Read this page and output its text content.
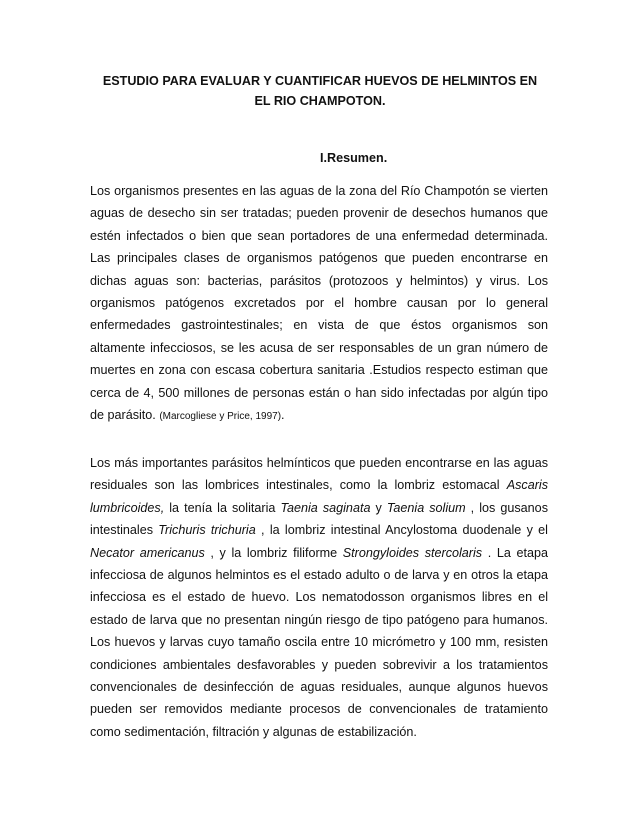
ESTUDIO PARA EVALUAR Y CUANTIFICAR HUEVOS DE HELMINTOS EN
EL RIO CHAMPOTON.
I.Resumen.

Los organismos presentes en las aguas de la zona del Río Champotón se vierten aguas de desecho sin ser tratadas; pueden provenir de desechos humanos que estén infectados o bien que sean portadores de una enfermedad determinada. Las principales clases de organismos patógenos que pueden encontrarse en dichas aguas son: bacterias, parásitos (protozoos y helmintos) y virus. Los organismos patógenos excretados por el hombre causan por lo general enfermedades gastrointestinales; en vista de que éstos organismos son altamente infecciosos, se les acusa de ser responsables de un gran número de muertes en zona con escasa cobertura sanitaria .Estudios respecto estiman que cerca de 4, 500 millones de personas están o han sido infectadas por algún tipo de parásito. (Marcogliese y Price, 1997).

Los más importantes parásitos helmínticos que pueden encontrarse en las aguas residuales son las lombrices intestinales, como la lombriz estomacal Ascaris lumbricoides, la tenía la solitaria Taenia saginata y Taenia solium , los gusanos intestinales Trichuris trichuria , la lombriz intestinal Ancylostoma duodenale y el Necator americanus , y la lombriz filiforme Strongyloides stercolaris . La etapa infecciosa de algunos helmintos es el estado adulto o de larva y en otros la etapa infecciosa es el estado de huevo. Los nematodosson organismos libres en el estado de larva que no presentan ningún riesgo de tipo patógeno para humanos. Los huevos y larvas cuyo tamaño oscila entre 10 micrómetro y 100 mm, resisten condiciones ambientales desfavorables y pueden sobrevivir a los tratamientos convencionales de desinfección de aguas residuales, aunque algunos huevos pueden ser removidos mediante procesos de convencionales de tratamiento como sedimentación, filtración y algunas de estabilización.
